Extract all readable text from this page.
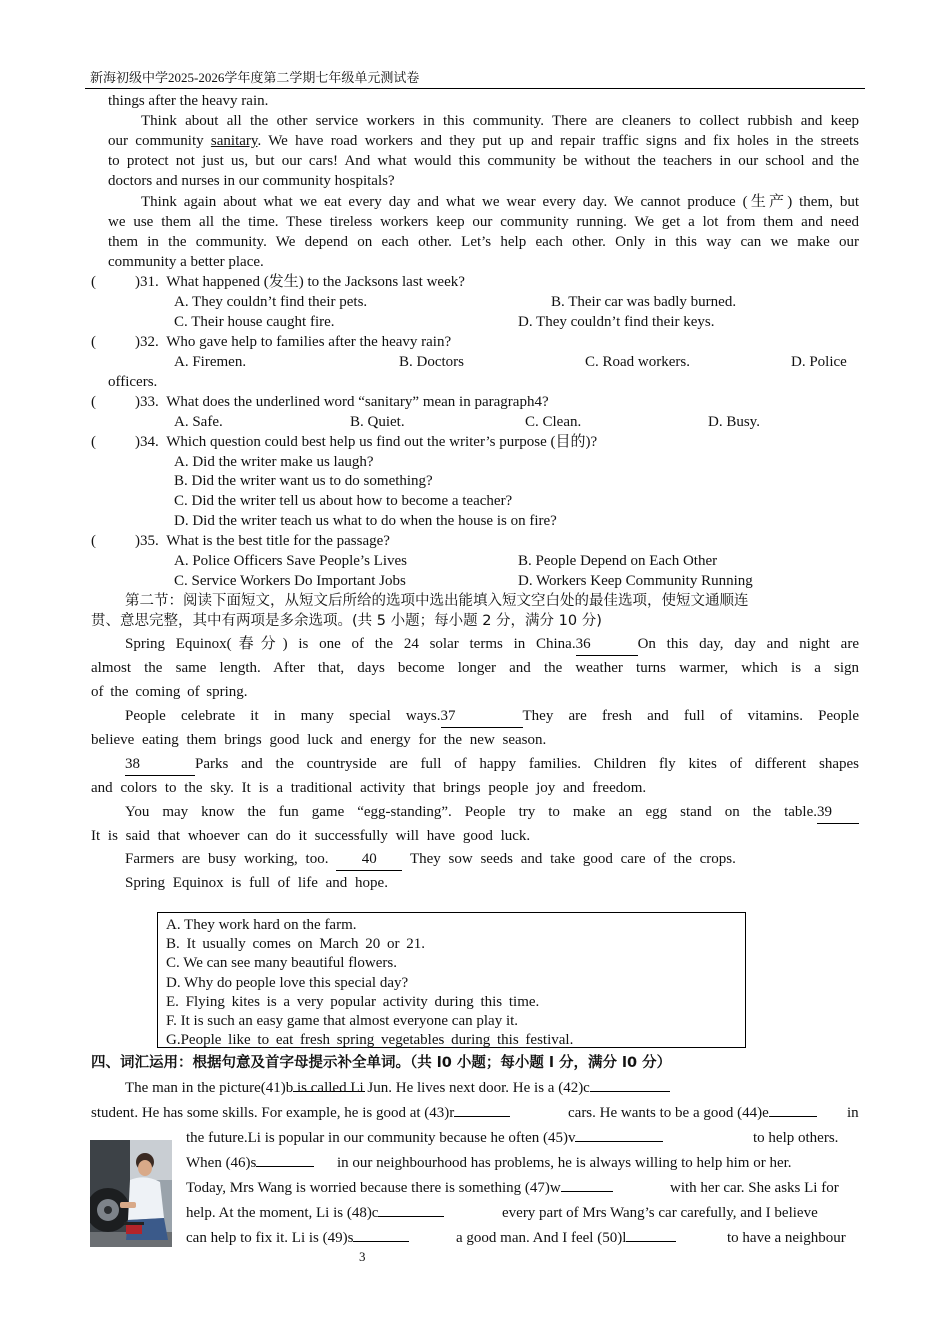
新海初级中学2025-2026学年度第二学期七年级单元测试卷
things after the heavy rain.
Think about all the other service workers in this community. There are cleaners to collect rubbish and keep
our community sanitary. We have road workers and they put up and repair traffic signs and fix holes in the streets
to protect not just us, but our cars! And what would this community be without the teachers in our school and the
doctors and nurses in our community hospitals?
Think again about what we eat every day and what we wear every day. We cannot produce (生产) them, but
we use them all the time. These tireless workers keep our community running. We get a lot from them and need
them in the community. We depend on each other. Let’s help each other. Only in this way can we make our
community a better place.
(	)31. What happened (发生) to the Jacksons last week?
A. They couldn’t find their pets.	B. Their car was badly burned.
C. Their house caught fire.	D. They couldn’t find their keys.
(	)32. Who gave help to families after the heavy rain?
A. Firemen.	B. Doctors	C. Road workers.	D. Police
officers.
(	)33. What does the underlined word “sanitary” mean in paragraph4?
A. Safe.	B. Quiet.	C. Clean.	D. Busy.
(	)34. Which question could best help us find out the writer’s purpose (目的)?
A. Did the writer make us laugh?
B. Did the writer want us to do something?
C. Did the writer tell us about how to become a teacher?
D. Did the writer teach us what to do when the house is on fire?
(	)35. What is the best title for the passage?
A. Police Officers Save People’s Lives	B. People Depend on Each Other
C. Service Workers Do Important Jobs	D. Workers Keep Community Running
第二节：阅读下面短文，从短文后所给的选项中选出能填入短文空白处的最佳选项，使短文通顺连
贯、意思完整，其中有两项是多余选项。(共 5 小题；每小题 2 分，满分 10 分)
Spring Equinox(春分) is one of the 24 solar terms in China.36	On this day, day and night are
almost the same length. After that, days become longer and the weather turns warmer, which is a sign
of the coming of spring.
People celebrate it in many special ways.37	They are fresh and full of vitamins. People
believe eating them brings good luck and energy for the new season.
38	Parks and the countryside are full of happy families. Children fly kites of different shapes
and colors to the sky. It is a traditional activity that brings people joy and freedom.
You may know the fun game “egg-standing”. People try to make an egg stand on the table.39
It is said that whoever can do it successfully will have good luck.
Farmers are busy working, too. 40 They sow seeds and take good care of the crops.
Spring Equinox is full of life and hope.
A. They work hard on the farm.
B. It usually comes on March 20 or 21.
C. We can see many beautiful flowers.
D. Why do people love this special day?
E. Flying kites is a very popular activity during this time.
F. It is such an easy game that almost everyone can play it.
G.People like to eat fresh spring vegetables during this festival.
四、词汇运用：根据句意及首字母提示补全单词。（共 l0 小题；每小题 l 分，满分 l0 分）
The man in the picture(41)b is called Li Jun. He lives next door. He is a (42)c
student. He has some skills. For example, he is good at (43)r	cars. He wants to be a good (44)e	in
the future.Li is popular in our community because he often (45)v	to help others.
When (46)s	in our neighbourhood has problems, he is always willing to help him or her.
Today, Mrs Wang is worried because there is something (47)w	with her car. She asks Li for
help. At the moment, Li is (48)c	every part of Mrs Wang’s car carefully, and I believe
can help to fix it. Li is (49)s	a good man. And I feel (50)l	to have a neighbour
3
